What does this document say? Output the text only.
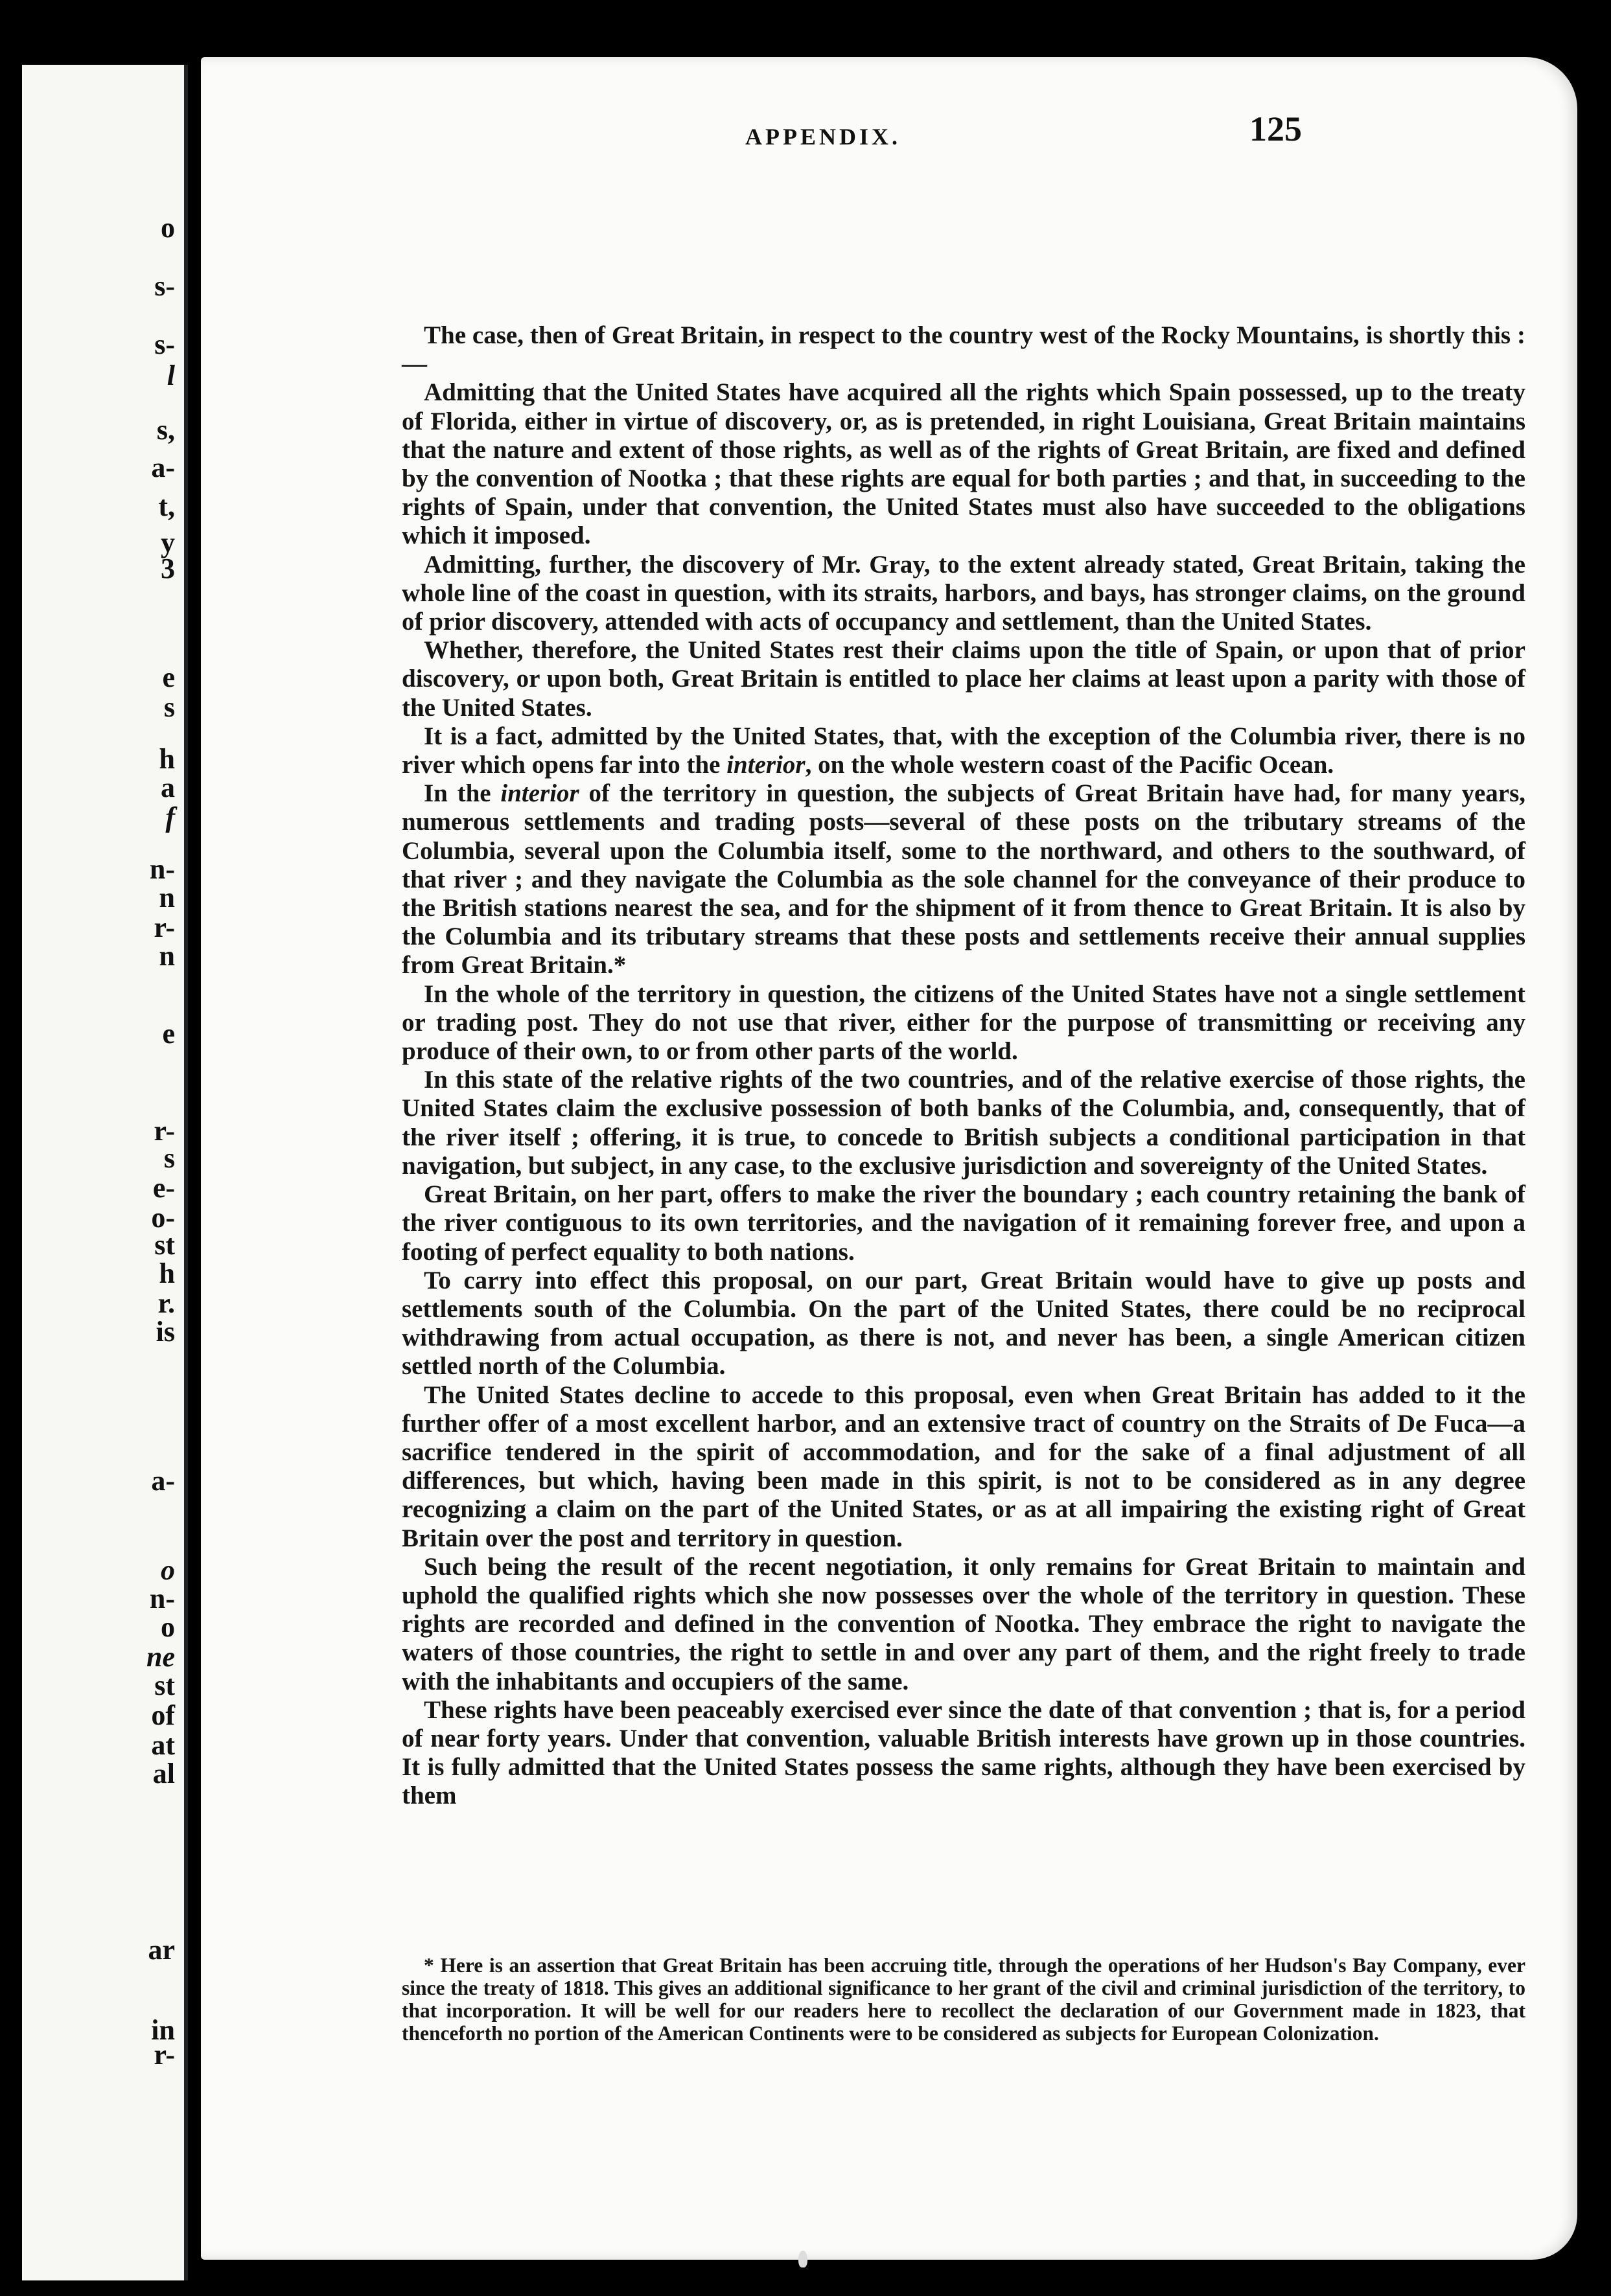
o
s-
s-
l
s,
a-
t,
y
3
e
s
h
a
f
n-
n
r-
n
e
r-
s
e-
o-
st
h
r.
is
a-
o
n-
o
ne
st
of
at
al
ar
in
r-
APPENDIX.	125

The case, then of Great Britain, in respect to the country west of the Rocky Mountains, is shortly this :—

Admitting that the United States have acquired all the rights which Spain possessed, up to the treaty of Florida, either in virtue of discovery, or, as is pretended, in right Louisiana, Great Britain maintains that the nature and extent of those rights, as well as of the rights of Great Britain, are fixed and defined by the convention of Nootka ; that these rights are equal for both parties ; and that, in succeeding to the rights of Spain, under that convention, the United States must also have succeeded to the obligations which it imposed.

Admitting, further, the discovery of Mr. Gray, to the extent already stated, Great Britain, taking the whole line of the coast in question, with its straits, harbors, and bays, has stronger claims, on the ground of prior discovery, attended with acts of occupancy and settlement, than the United States.

Whether, therefore, the United States rest their claims upon the title of Spain, or upon that of prior discovery, or upon both, Great Britain is entitled to place her claims at least upon a parity with those of the United States.

It is a fact, admitted by the United States, that, with the exception of the Columbia river, there is no river which opens far into the interior, on the whole western coast of the Pacific Ocean.

In the interior of the territory in question, the subjects of Great Britain have had, for many years, numerous settlements and trading posts—several of these posts on the tributary streams of the Columbia, several upon the Columbia itself, some to the northward, and others to the southward, of that river ; and they navigate the Columbia as the sole channel for the conveyance of their produce to the British stations nearest the sea, and for the shipment of it from thence to Great Britain. It is also by the Columbia and its tributary streams that these posts and settlements receive their annual supplies from Great Britain.*

In the whole of the territory in question, the citizens of the United States have not a single settlement or trading post. They do not use that river, either for the purpose of transmitting or receiving any produce of their own, to or from other parts of the world.

In this state of the relative rights of the two countries, and of the relative exercise of those rights, the United States claim the exclusive possession of both banks of the Columbia, and, consequently, that of the river itself ; offering, it is true, to concede to British subjects a conditional participation in that navigation, but subject, in any case, to the exclusive jurisdiction and sovereignty of the United States.

Great Britain, on her part, offers to make the river the boundary ; each country retaining the bank of the river contiguous to its own territories, and the navigation of it remaining forever free, and upon a footing of perfect equality to both nations.

To carry into effect this proposal, on our part, Great Britain would have to give up posts and settlements south of the Columbia. On the part of the United States, there could be no reciprocal withdrawing from actual occupation, as there is not, and never has been, a single American citizen settled north of the Columbia.

The United States decline to accede to this proposal, even when Great Britain has added to it the further offer of a most excellent harbor, and an extensive tract of country on the Straits of De Fuca—a sacrifice tendered in the spirit of accommodation, and for the sake of a final adjustment of all differences, but which, having been made in this spirit, is not to be considered as in any degree recognizing a claim on the part of the United States, or as at all impairing the existing right of Great Britain over the post and territory in question.

Such being the result of the recent negotiation, it only remains for Great Britain to maintain and uphold the qualified rights which she now possesses over the whole of the territory in question. These rights are recorded and defined in the convention of Nootka. They embrace the right to navigate the waters of those countries, the right to settle in and over any part of them, and the right freely to trade with the inhabitants and occupiers of the same.

These rights have been peaceably exercised ever since the date of that convention ; that is, for a period of near forty years. Under that convention, valuable British interests have grown up in those countries. It is fully admitted that the United States possess the same rights, although they have been exercised by them

* Here is an assertion that Great Britain has been accruing title, through the operations of her Hudson's Bay Company, ever since the treaty of 1818. This gives an additional significance to her grant of the civil and criminal jurisdiction of the territory, to that incorporation. It will be well for our readers here to recollect the declaration of our Government made in 1823, that thenceforth no portion of the American Continents were to be considered as subjects for European Colonization.
